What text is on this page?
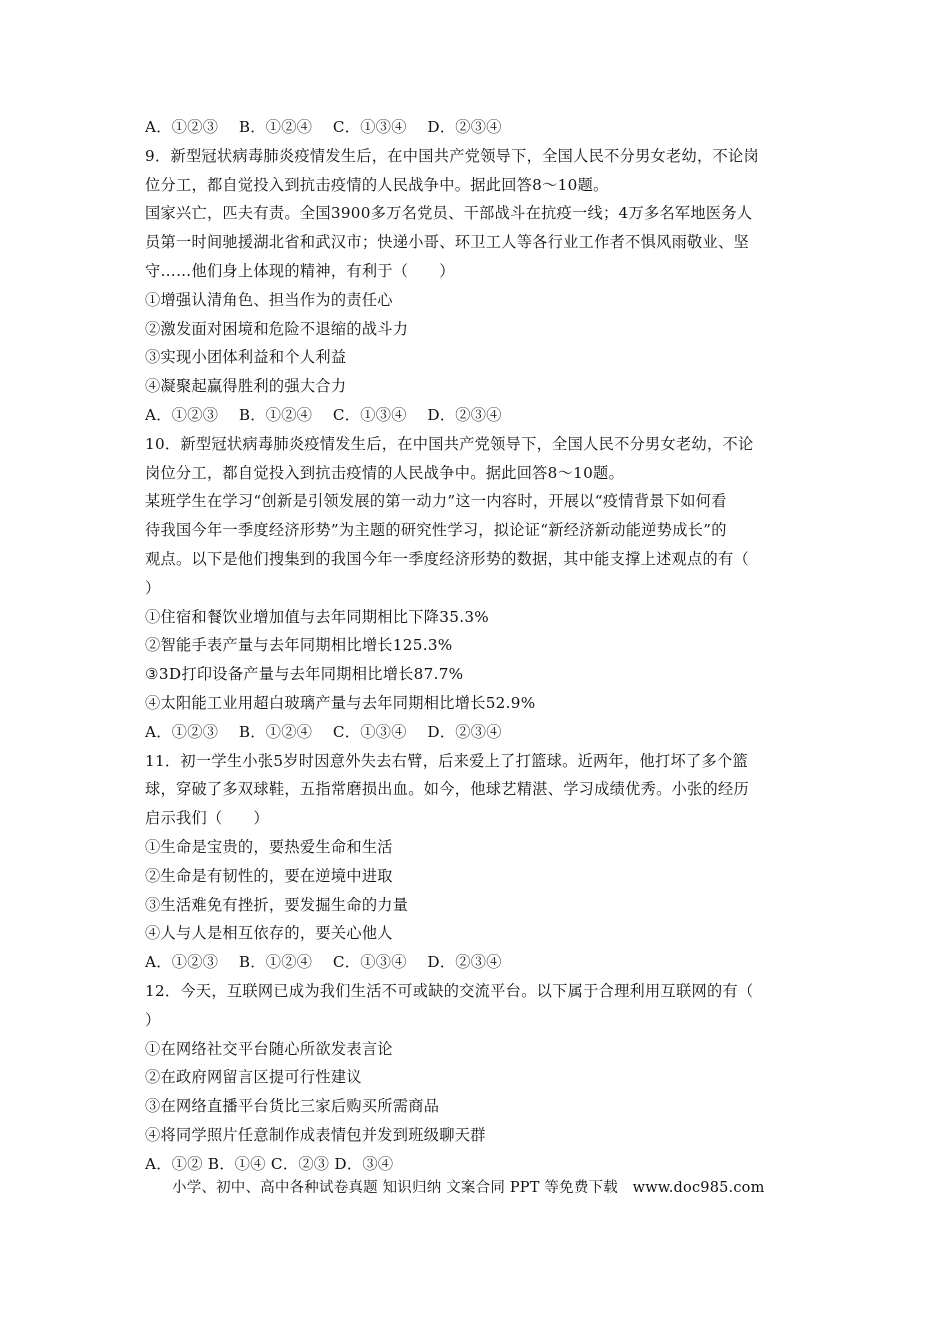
A．①②③　 B．①②④　 C．①③④　 D．②③④
9．新型冠状病毒肺炎疫情发生后，在中国共产党领导下，全国人民不分男女老幼，不论岗
位分工，都自觉投入到抗击疫情的人民战争中。据此回答8～10题。
国家兴亡，匹夫有责。全国3900多万名党员、干部战斗在抗疫一线；4万多名军地医务人
员第一时间驰援湖北省和武汉市；快递小哥、环卫工人等各行业工作者不惧风雨敬业、坚
守……他们身上体现的精神，有利于（　　）
①增强认清角色、担当作为的责任心
②激发面对困境和危险不退缩的战斗力
③实现小团体利益和个人利益
④凝聚起赢得胜利的强大合力
A．①②③　 B．①②④　 C．①③④　 D．②③④
10．新型冠状病毒肺炎疫情发生后，在中国共产党领导下，全国人民不分男女老幼，不论
岗位分工，都自觉投入到抗击疫情的人民战争中。据此回答8～10题。
某班学生在学习“创新是引领发展的第一动力”这一内容时，开展以“疫情背景下如何看
待我国今年一季度经济形势”为主题的研究性学习，拟论证“新经济新动能逆势成长”的
观点。以下是他们搜集到的我国今年一季度经济形势的数据，其中能支撑上述观点的有（
）
①住宿和餐饮业增加值与去年同期相比下降35.3%
②智能手表产量与去年同期相比增长125.3%
③3D打印设备产量与去年同期相比增长87.7%
④太阳能工业用超白玻璃产量与去年同期相比增长52.9%
A．①②③　 B．①②④　 C．①③④　 D．②③④
11．初一学生小张5岁时因意外失去右臂，后来爱上了打篮球。近两年，他打坏了多个篮
球，穿破了多双球鞋，五指常磨损出血。如今，他球艺精湛、学习成绩优秀。小张的经历
启示我们（　　）
①生命是宝贵的，要热爱生命和生活
②生命是有韧性的，要在逆境中进取
③生活难免有挫折，要发掘生命的力量
④人与人是相互依存的，要关心他人
A．①②③　 B．①②④　 C．①③④　 D．②③④
12．今天，互联网已成为我们生活不可或缺的交流平台。以下属于合理利用互联网的有（
）
①在网络社交平台随心所欲发表言论
②在政府网留言区提可行性建议
③在网络直播平台货比三家后购买所需商品
④将同学照片任意制作成表情包并发到班级聊天群
A．①② B．①④ C．②③ D．③④
小学、初中、高中各种试卷真题 知识归纳 文案合同 PPT 等免费下载　www.doc985.com
